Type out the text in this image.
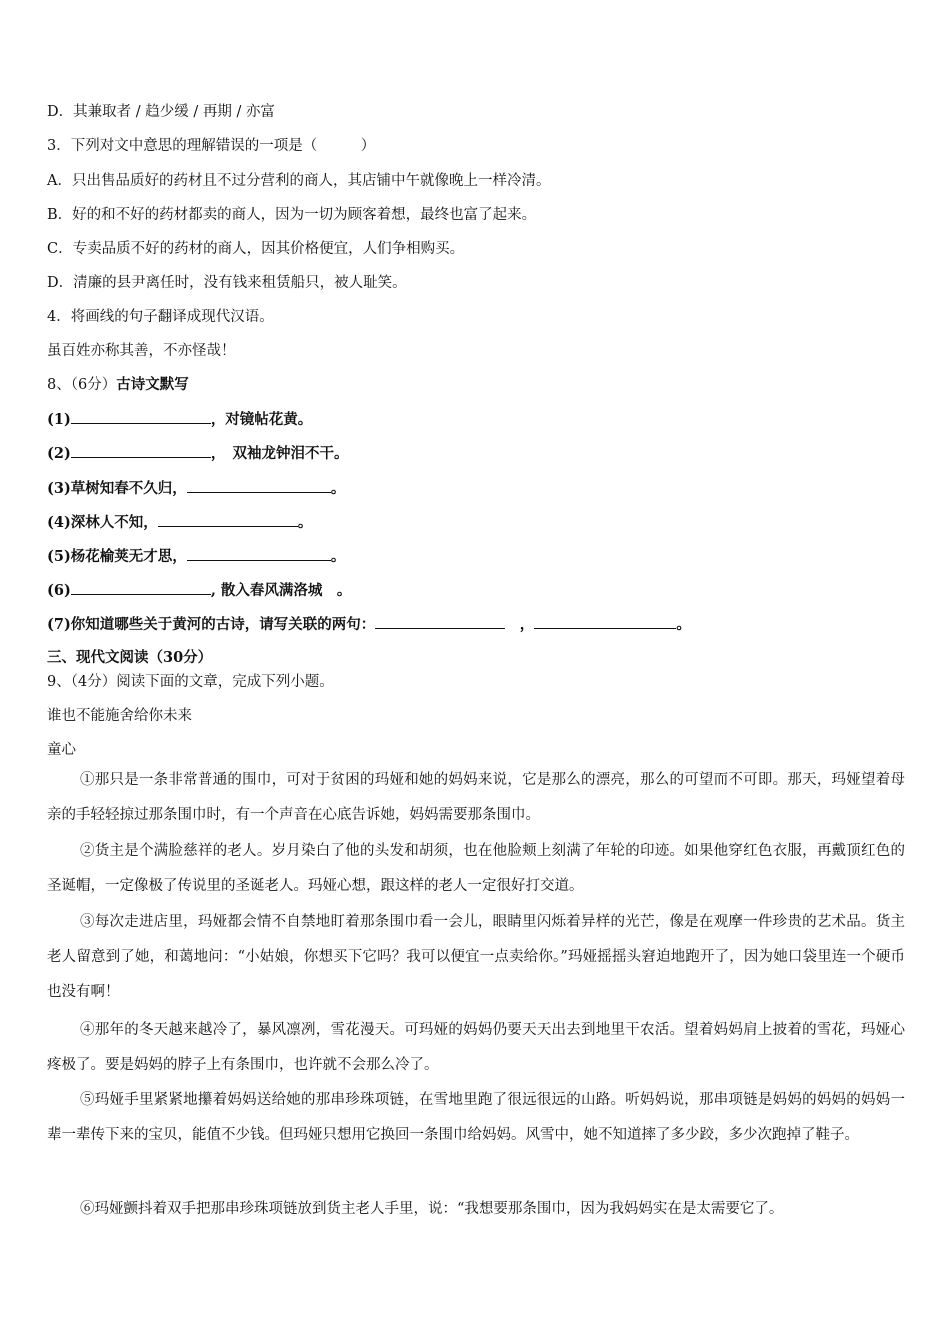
D．其兼取者 / 趋少缓 / 再期 / 亦富
3．下列对文中意思的理解错误的一项是（　　　）
A．只出售品质好的药材且不过分营利的商人，其店铺中午就像晚上一样冷清。
B．好的和不好的药材都卖的商人，因为一切为顾客着想，最终也富了起来。
C．专卖品质不好的药材的商人，因其价格便宜，人们争相购买。
D．清廉的县尹离任时，没有钱来租赁船只，被人耻笑。
4．将画线的句子翻译成现代汉语。
虽百姓亦称其善，不亦怪哉！
8、（6分）古诗文默写
(1)	，对镜帖花黄。
(2)	，　双袖龙钟泪不干。
(3)草树知春不久归，	。
(4)深林人不知，	。
(5)杨花榆荚无才思，	。
(6)	, 散入春风满洛城　。
(7)你知道哪些关于黄河的古诗，请写关联的两句：	　，	。
三、现代文阅读（30分）
9、（4分）阅读下面的文章，完成下列小题。
谁也不能施舍给你未来
童心
①那只是一条非常普通的围巾，可对于贫困的玛娅和她的妈妈来说，它是那么的漂亮，那么的可望而不可即。那天，玛娅望着母亲的手轻轻掠过那条围巾时，有一个声音在心底告诉她，妈妈需要那条围巾。
②货主是个满脸慈祥的老人。岁月染白了他的头发和胡须，也在他脸颊上刻满了年轮的印迹。如果他穿红色衣服，再戴顶红色的圣诞帽，一定像极了传说里的圣诞老人。玛娅心想，跟这样的老人一定很好打交道。
③每次走进店里，玛娅都会情不自禁地盯着那条围巾看一会儿，眼睛里闪烁着异样的光芒，像是在观摩一件珍贵的艺术品。货主老人留意到了她，和蔼地问：“小姑娘，你想买下它吗？我可以便宜一点卖给你。”玛娅摇摇头窘迫地跑开了，因为她口袋里连一个硬币也没有啊！
④那年的冬天越来越冷了，暴风凛冽，雪花漫天。可玛娅的妈妈仍要天天出去到地里干农活。望着妈妈肩上披着的雪花，玛娅心疼极了。要是妈妈的脖子上有条围巾，也许就不会那么冷了。
⑤玛娅手里紧紧地攥着妈妈送给她的那串珍珠项链，在雪地里跑了很远很远的山路。听妈妈说，那串项链是妈妈的妈妈的妈妈一辈一辈传下来的宝贝，能值不少钱。但玛娅只想用它换回一条围巾给妈妈。风雪中，她不知道摔了多少跤，多少次跑掉了鞋子。
⑥玛娅颤抖着双手把那串珍珠项链放到货主老人手里，说：“我想要那条围巾，因为我妈妈实在是太需要它了。
